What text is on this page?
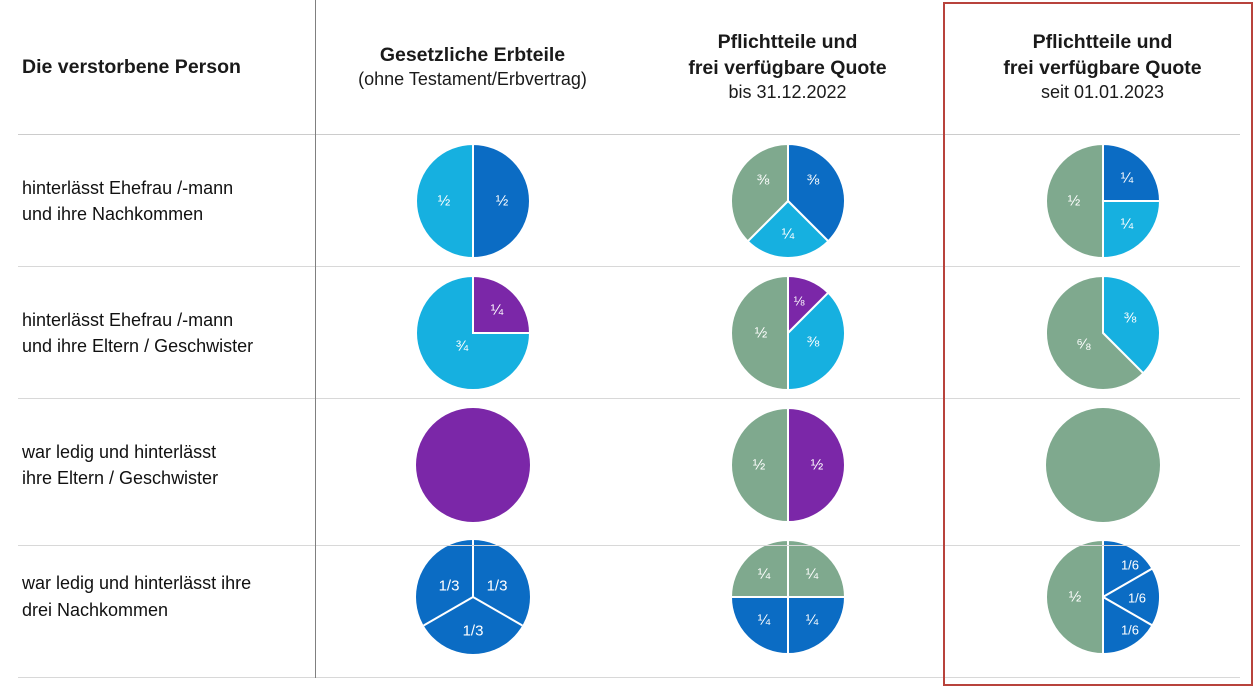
Die verstorbene Person
Gesetzliche Erbteile
(ohne Testament/Erbvertrag)
Pflichtteile und
frei verfügbare Quote
bis 31.12.2022
Pflichtteile und
frei verfügbare Quote
seit 01.01.2023
hinterlässt Ehefrau /-mann
und ihre Nachkommen
½	½
⅜
¼
⅜	¼
¼
½
hinterlässt Ehefrau /-mann
und ihre Eltern / Geschwister
¼
¾
⅛
⅜
½
⅜
⁶⁄₈
war ledig und hinterlässt
ihre Eltern / Geschwister
½
½
war ledig und hinterlässt ihre
drei Nachkommen
1/3
1/3
1/3
¼
¼
¼
¼
1/6
1/6
1/6
½
